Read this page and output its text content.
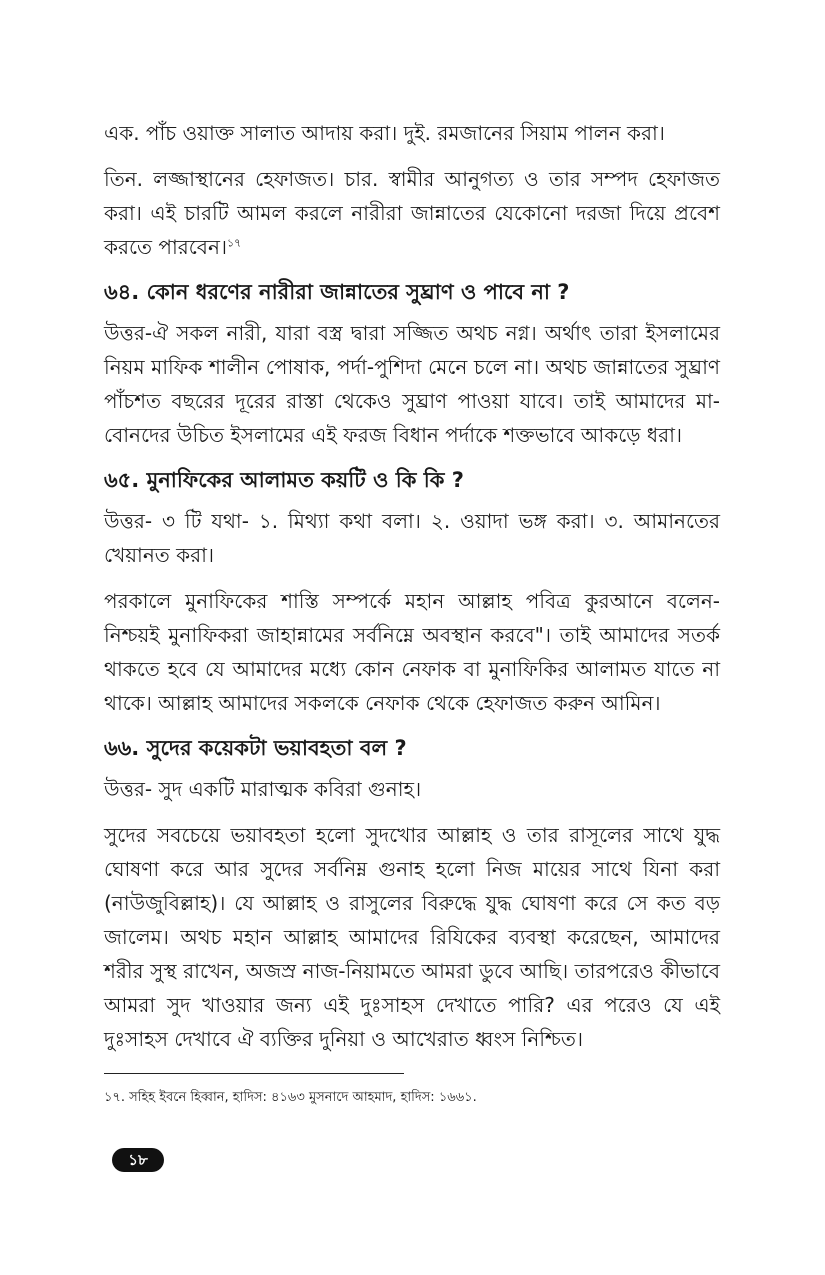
এক. পাঁচ ওয়াক্ত সালাত আদায় করা। দুই. রমজানের সিয়াম পালন করা।

তিন. লজ্জাস্থানের হেফাজত। চার. স্বামীর আনুগত্য ও তার সম্পদ হেফাজত করা। এই চারটি আমল করলে নারীরা জান্নাতের যেকোনো দরজা দিয়ে প্রবেশ করতে পারবেন।$^{১৭}$

৬৪. কোন ধরণের নারীরা জান্নাতের সুঘ্রাণ ও পাবে না ?

উত্তর-ঐ সকল নারী, যারা বস্ত্র দ্বারা সজ্জিত অথচ নগ্ন। অর্থাৎ তারা ইসলামের নিয়ম মাফিক শালীন পোষাক, পর্দা-পুশিদা মেনে চলে না। অথচ জান্নাতের সুঘ্রাণ পাঁচশত বছরের দূরের রাস্তা থেকেও সুঘ্রাণ পাওয়া যাবে। তাই আমাদের মা-বোনদের উচিত ইসলামের এই ফরজ বিধান পর্দাকে শক্তভাবে আকড়ে ধরা।

৬৫. মুনাফিকের আলামত কয়টি ও কি কি ?

উত্তর- ৩ টি যথা- ১. মিথ্যা কথা বলা। ২. ওয়াদা ভঙ্গ করা। ৩. আমানতের খেয়ানত করা।

পরকালে মুনাফিকের শাস্তি সম্পর্কে মহান আল্লাহ পবিত্র কুরআনে বলেন- নিশ্চয়ই মুনাফিকরা জাহান্নামের সর্বনিম্নে অবস্থান করবে"। তাই আমাদের সতর্ক থাকতে হবে যে আমাদের মধ্যে কোন নেফাক বা মুনাফিকির আলামত যাতে না থাকে। আল্লাহ আমাদের সকলকে নেফাক থেকে হেফাজত করুন আমিন।

৬৬. সুদের কয়েকটা ভয়াবহতা বল ?

উত্তর- সুদ একটি মারাত্মক কবিরা গুনাহ।

সুদের সবচেয়ে ভয়াবহতা হলো সুদখোর আল্লাহ ও তার রাসূলের সাথে যুদ্ধ ঘোষণা করে আর সুদের সর্বনিম্ন গুনাহ হলো নিজ মায়ের সাথে যিনা করা (নাউজুবিল্লাহ)। যে আল্লাহ ও রাসুলের বিরুদ্ধে যুদ্ধ ঘোষণা করে সে কত বড় জালেম। অথচ মহান আল্লাহ আমাদের রিযিকের ব্যবস্থা করেছেন, আমাদের শরীর সুস্থ রাখেন, অজস্র নাজ-নিয়ামতে আমরা ডুবে আছি। তারপরেও কীভাবে আমরা সুদ খাওয়ার জন্য এই দুঃসাহস দেখাতে পারি? এর পরেও যে এই দুঃসাহস দেখাবে ঐ ব্যক্তির দুনিয়া ও আখেরাত ধ্বংস নিশ্চিত।

১৭. সহিহ ইবনে হিব্বান, হাদিস: ৪১৬৩ মুসনাদে আহমাদ, হাদিস: ১৬৬১.
১৮
